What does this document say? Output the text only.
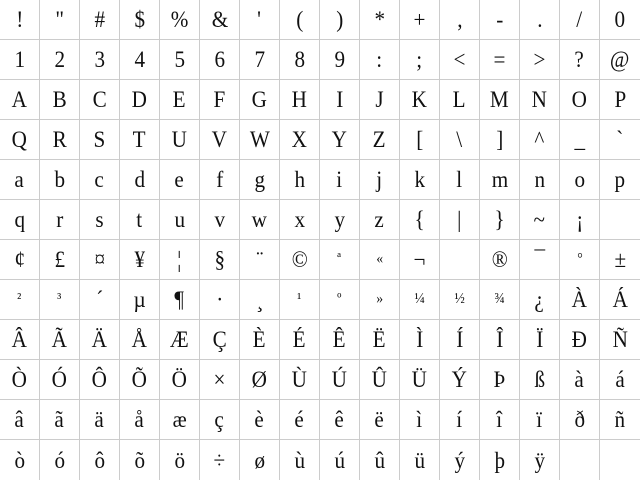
! " # $ % & ' ( ) * + , - . / 0
1 2 3 4 5 6 7 8 9 : ; < = > ? @
A B C D E F G H I J K L M N O P
Q R S T U V W X Y Z [ \ ] ^ _ `
a b c d e f g h i j k l m n o p
q r s t u v w x y z { | } ~ ¡
¢ £ ¤ ¥ ¦ § ¨ © ª « ¬	® ¯ ° ±
² ³ ´ µ ¶ · ¸ ¹ º » ¼ ½ ¾ ¿ À Á
Â Ã Ä Å Æ Ç È É Ê Ë Ì Í Î Ï Ð Ñ
Ò Ó Ô Õ Ö × Ø Ù Ú Û Ü Ý Þ ß à á
â ã ä å æ ç è é ê ë ì í î ï ð ñ
ò ó ô õ ö ÷ ø ù ú û ü ý þ ÿ
